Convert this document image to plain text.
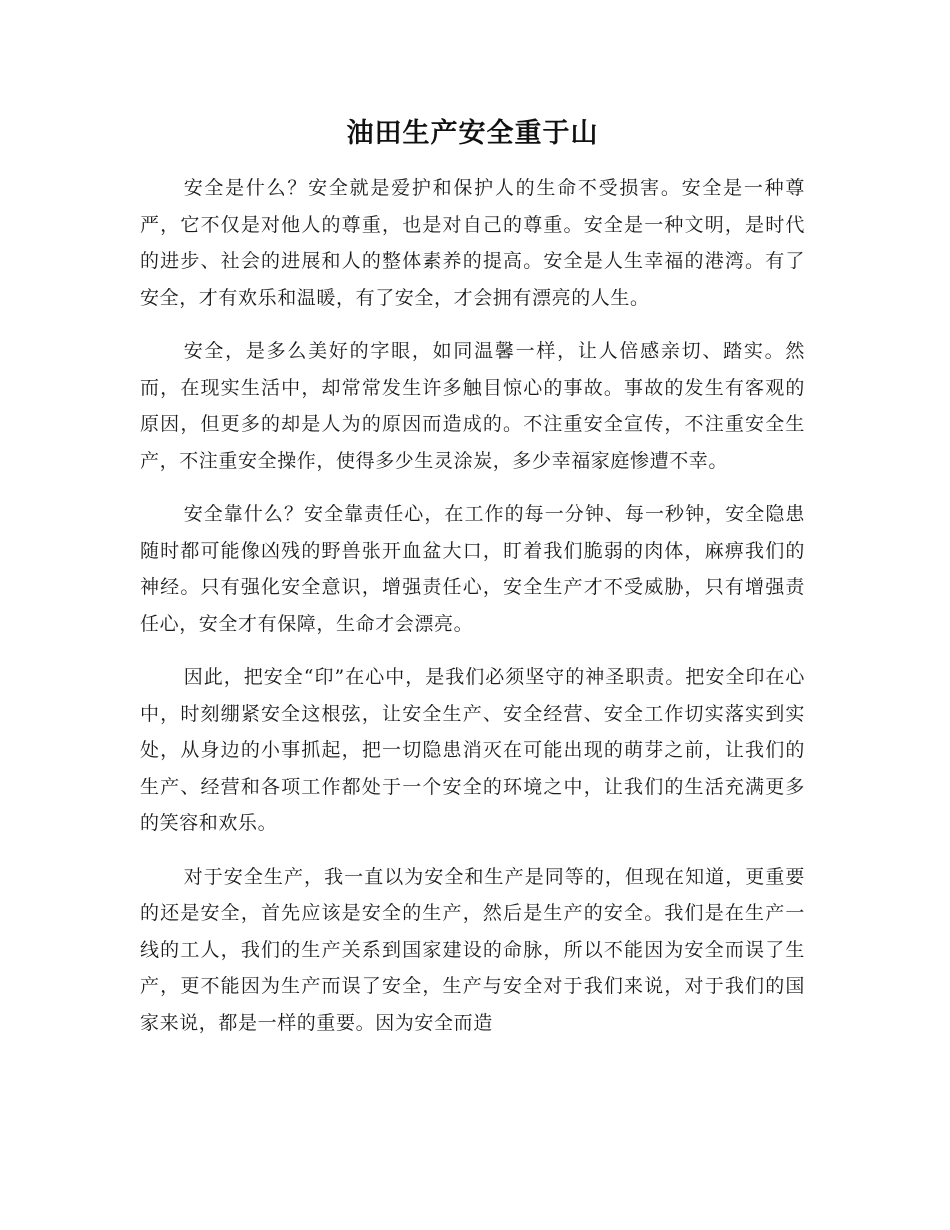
油田生产安全重于山

安全是什么？安全就是爱护和保护人的生命不受损害。安全是一种尊严，它不仅是对他人的尊重，也是对自己的尊重。安全是一种文明，是时代的进步、社会的进展和人的整体素养的提高。安全是人生幸福的港湾。有了安全，才有欢乐和温暖，有了安全，才会拥有漂亮的人生。

安全，是多么美好的字眼，如同温馨一样，让人倍感亲切、踏实。然而，在现实生活中，却常常发生许多触目惊心的事故。事故的发生有客观的原因，但更多的却是人为的原因而造成的。不注重安全宣传，不注重安全生产，不注重安全操作，使得多少生灵涂炭，多少幸福家庭惨遭不幸。

安全靠什么？安全靠责任心，在工作的每一分钟、每一秒钟，安全隐患随时都可能像凶残的野兽张开血盆大口，盯着我们脆弱的肉体，麻痹我们的神经。只有强化安全意识，增强责任心，安全生产才不受威胁，只有增强责任心，安全才有保障，生命才会漂亮。

因此，把安全“印”在心中，是我们必须坚守的神圣职责。把安全印在心中，时刻绷紧安全这根弦，让安全生产、安全经营、安全工作切实落实到实处，从身边的小事抓起，把一切隐患消灭在可能出现的萌芽之前，让我们的生产、经营和各项工作都处于一个安全的环境之中，让我们的生活充满更多的笑容和欢乐。

对于安全生产，我一直以为安全和生产是同等的，但现在知道，更重要的还是安全，首先应该是安全的生产，然后是生产的安全。我们是在生产一线的工人，我们的生产关系到国家建设的命脉，所以不能因为安全而误了生产，更不能因为生产而误了安全，生产与安全对于我们来说，对于我们的国家来说，都是一样的重要。因为安全而造
